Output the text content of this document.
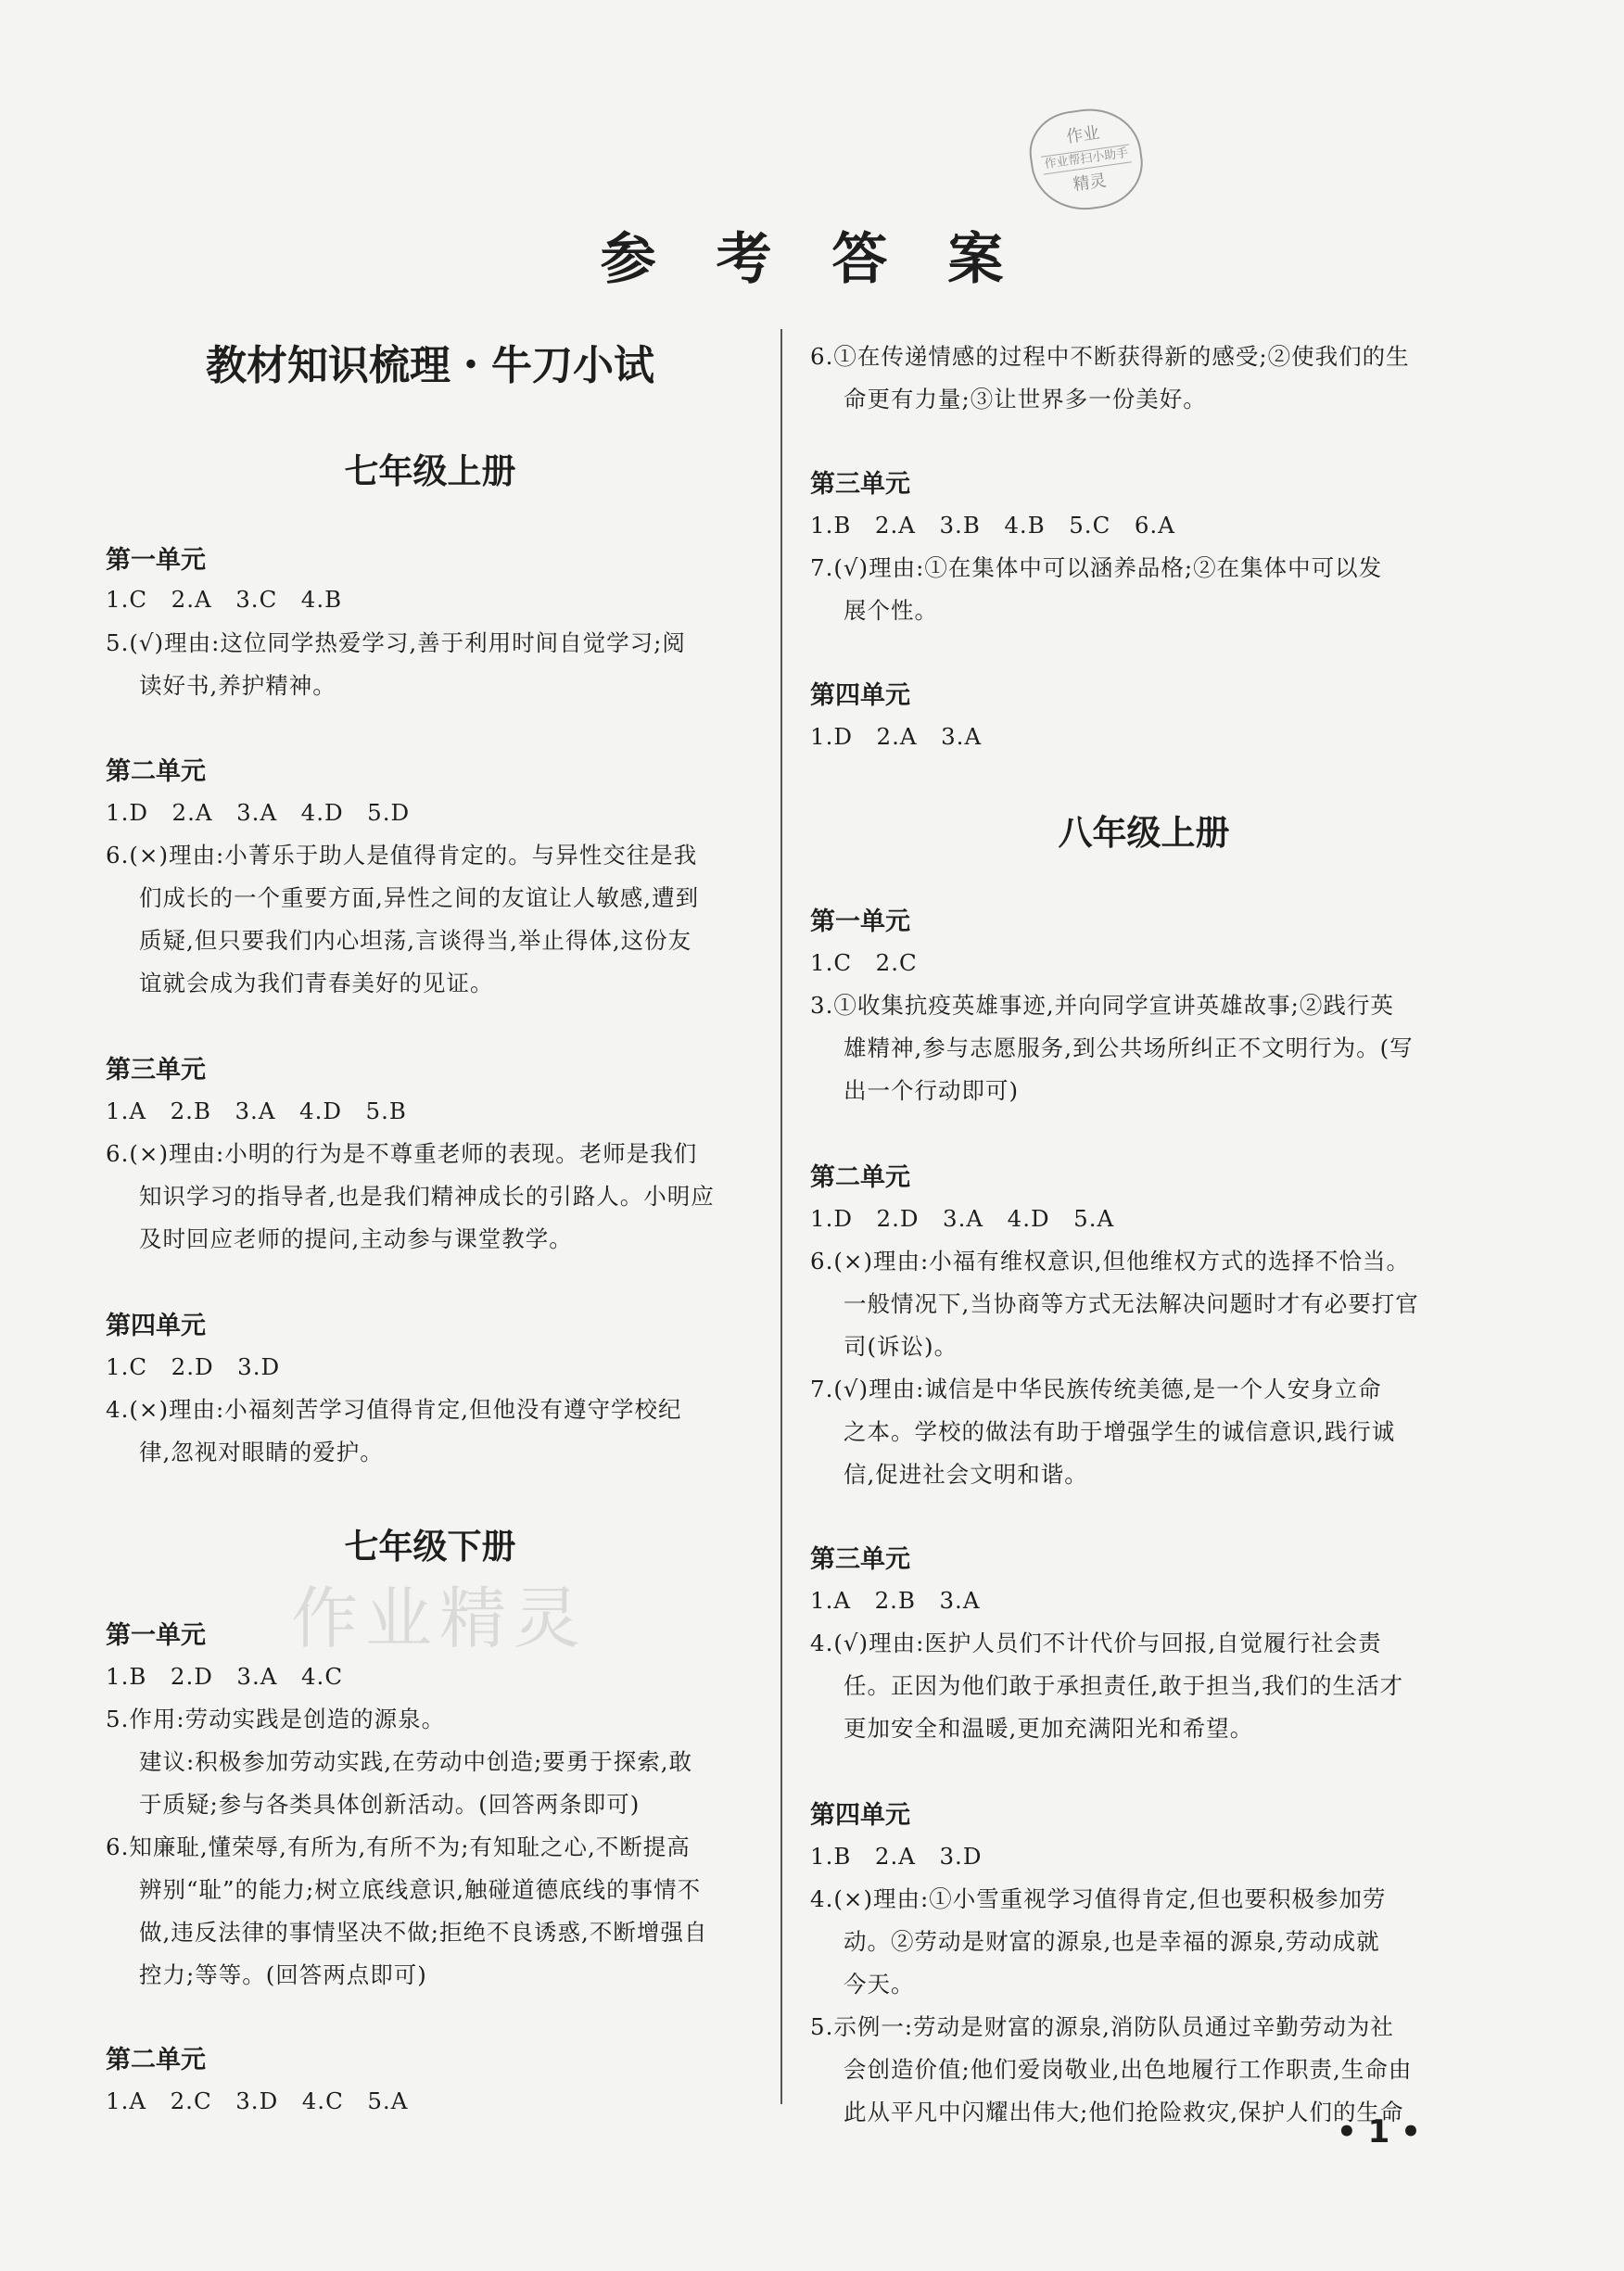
作业
作业帮扫小助手
精灵
参 考 答 案
教材知识梳理・牛刀小试
七年级上册
第一单元
1.C　2.A　3.C　4.B
5.(√)理由:这位同学热爱学习,善于利用时间自觉学习;阅
读好书,养护精神。
第二单元
1.D　2.A　3.A　4.D　5.D
6.(×)理由:小菁乐于助人是值得肯定的。与异性交往是我
们成长的一个重要方面,异性之间的友谊让人敏感,遭到
质疑,但只要我们内心坦荡,言谈得当,举止得体,这份友
谊就会成为我们青春美好的见证。
第三单元
1.A　2.B　3.A　4.D　5.B
6.(×)理由:小明的行为是不尊重老师的表现。老师是我们
知识学习的指导者,也是我们精神成长的引路人。小明应
及时回应老师的提问,主动参与课堂教学。
第四单元
1.C　2.D　3.D
4.(×)理由:小福刻苦学习值得肯定,但他没有遵守学校纪
律,忽视对眼睛的爱护。
七年级下册
作业精灵
第一单元
1.B　2.D　3.A　4.C
5.作用:劳动实践是创造的源泉。
建议:积极参加劳动实践,在劳动中创造;要勇于探索,敢
于质疑;参与各类具体创新活动。(回答两条即可)
6.知廉耻,懂荣辱,有所为,有所不为;有知耻之心,不断提高
辨别“耻”的能力;树立底线意识,触碰道德底线的事情不
做,违反法律的事情坚决不做;拒绝不良诱惑,不断增强自
控力;等等。(回答两点即可)
第二单元
1.A　2.C　3.D　4.C　5.A
6.①在传递情感的过程中不断获得新的感受;②使我们的生
命更有力量;③让世界多一份美好。
第三单元
1.B　2.A　3.B　4.B　5.C　6.A
7.(√)理由:①在集体中可以涵养品格;②在集体中可以发
展个性。
第四单元
1.D　2.A　3.A
八年级上册
第一单元
1.C　2.C
3.①收集抗疫英雄事迹,并向同学宣讲英雄故事;②践行英
雄精神,参与志愿服务,到公共场所纠正不文明行为。(写
出一个行动即可)
第二单元
1.D　2.D　3.A　4.D　5.A
6.(×)理由:小福有维权意识,但他维权方式的选择不恰当。
一般情况下,当协商等方式无法解决问题时才有必要打官
司(诉讼)。
7.(√)理由:诚信是中华民族传统美德,是一个人安身立命
之本。学校的做法有助于增强学生的诚信意识,践行诚
信,促进社会文明和谐。
第三单元
1.A　2.B　3.A
4.(√)理由:医护人员们不计代价与回报,自觉履行社会责
任。正因为他们敢于承担责任,敢于担当,我们的生活才
更加安全和温暖,更加充满阳光和希望。
第四单元
1.B　2.A　3.D
4.(×)理由:①小雪重视学习值得肯定,但也要积极参加劳
动。②劳动是财富的源泉,也是幸福的源泉,劳动成就
今天。
5.示例一:劳动是财富的源泉,消防队员通过辛勤劳动为社
会创造价值;他们爱岗敬业,出色地履行工作职责,生命由
此从平凡中闪耀出伟大;他们抢险救灾,保护人们的生命
• 1 •
